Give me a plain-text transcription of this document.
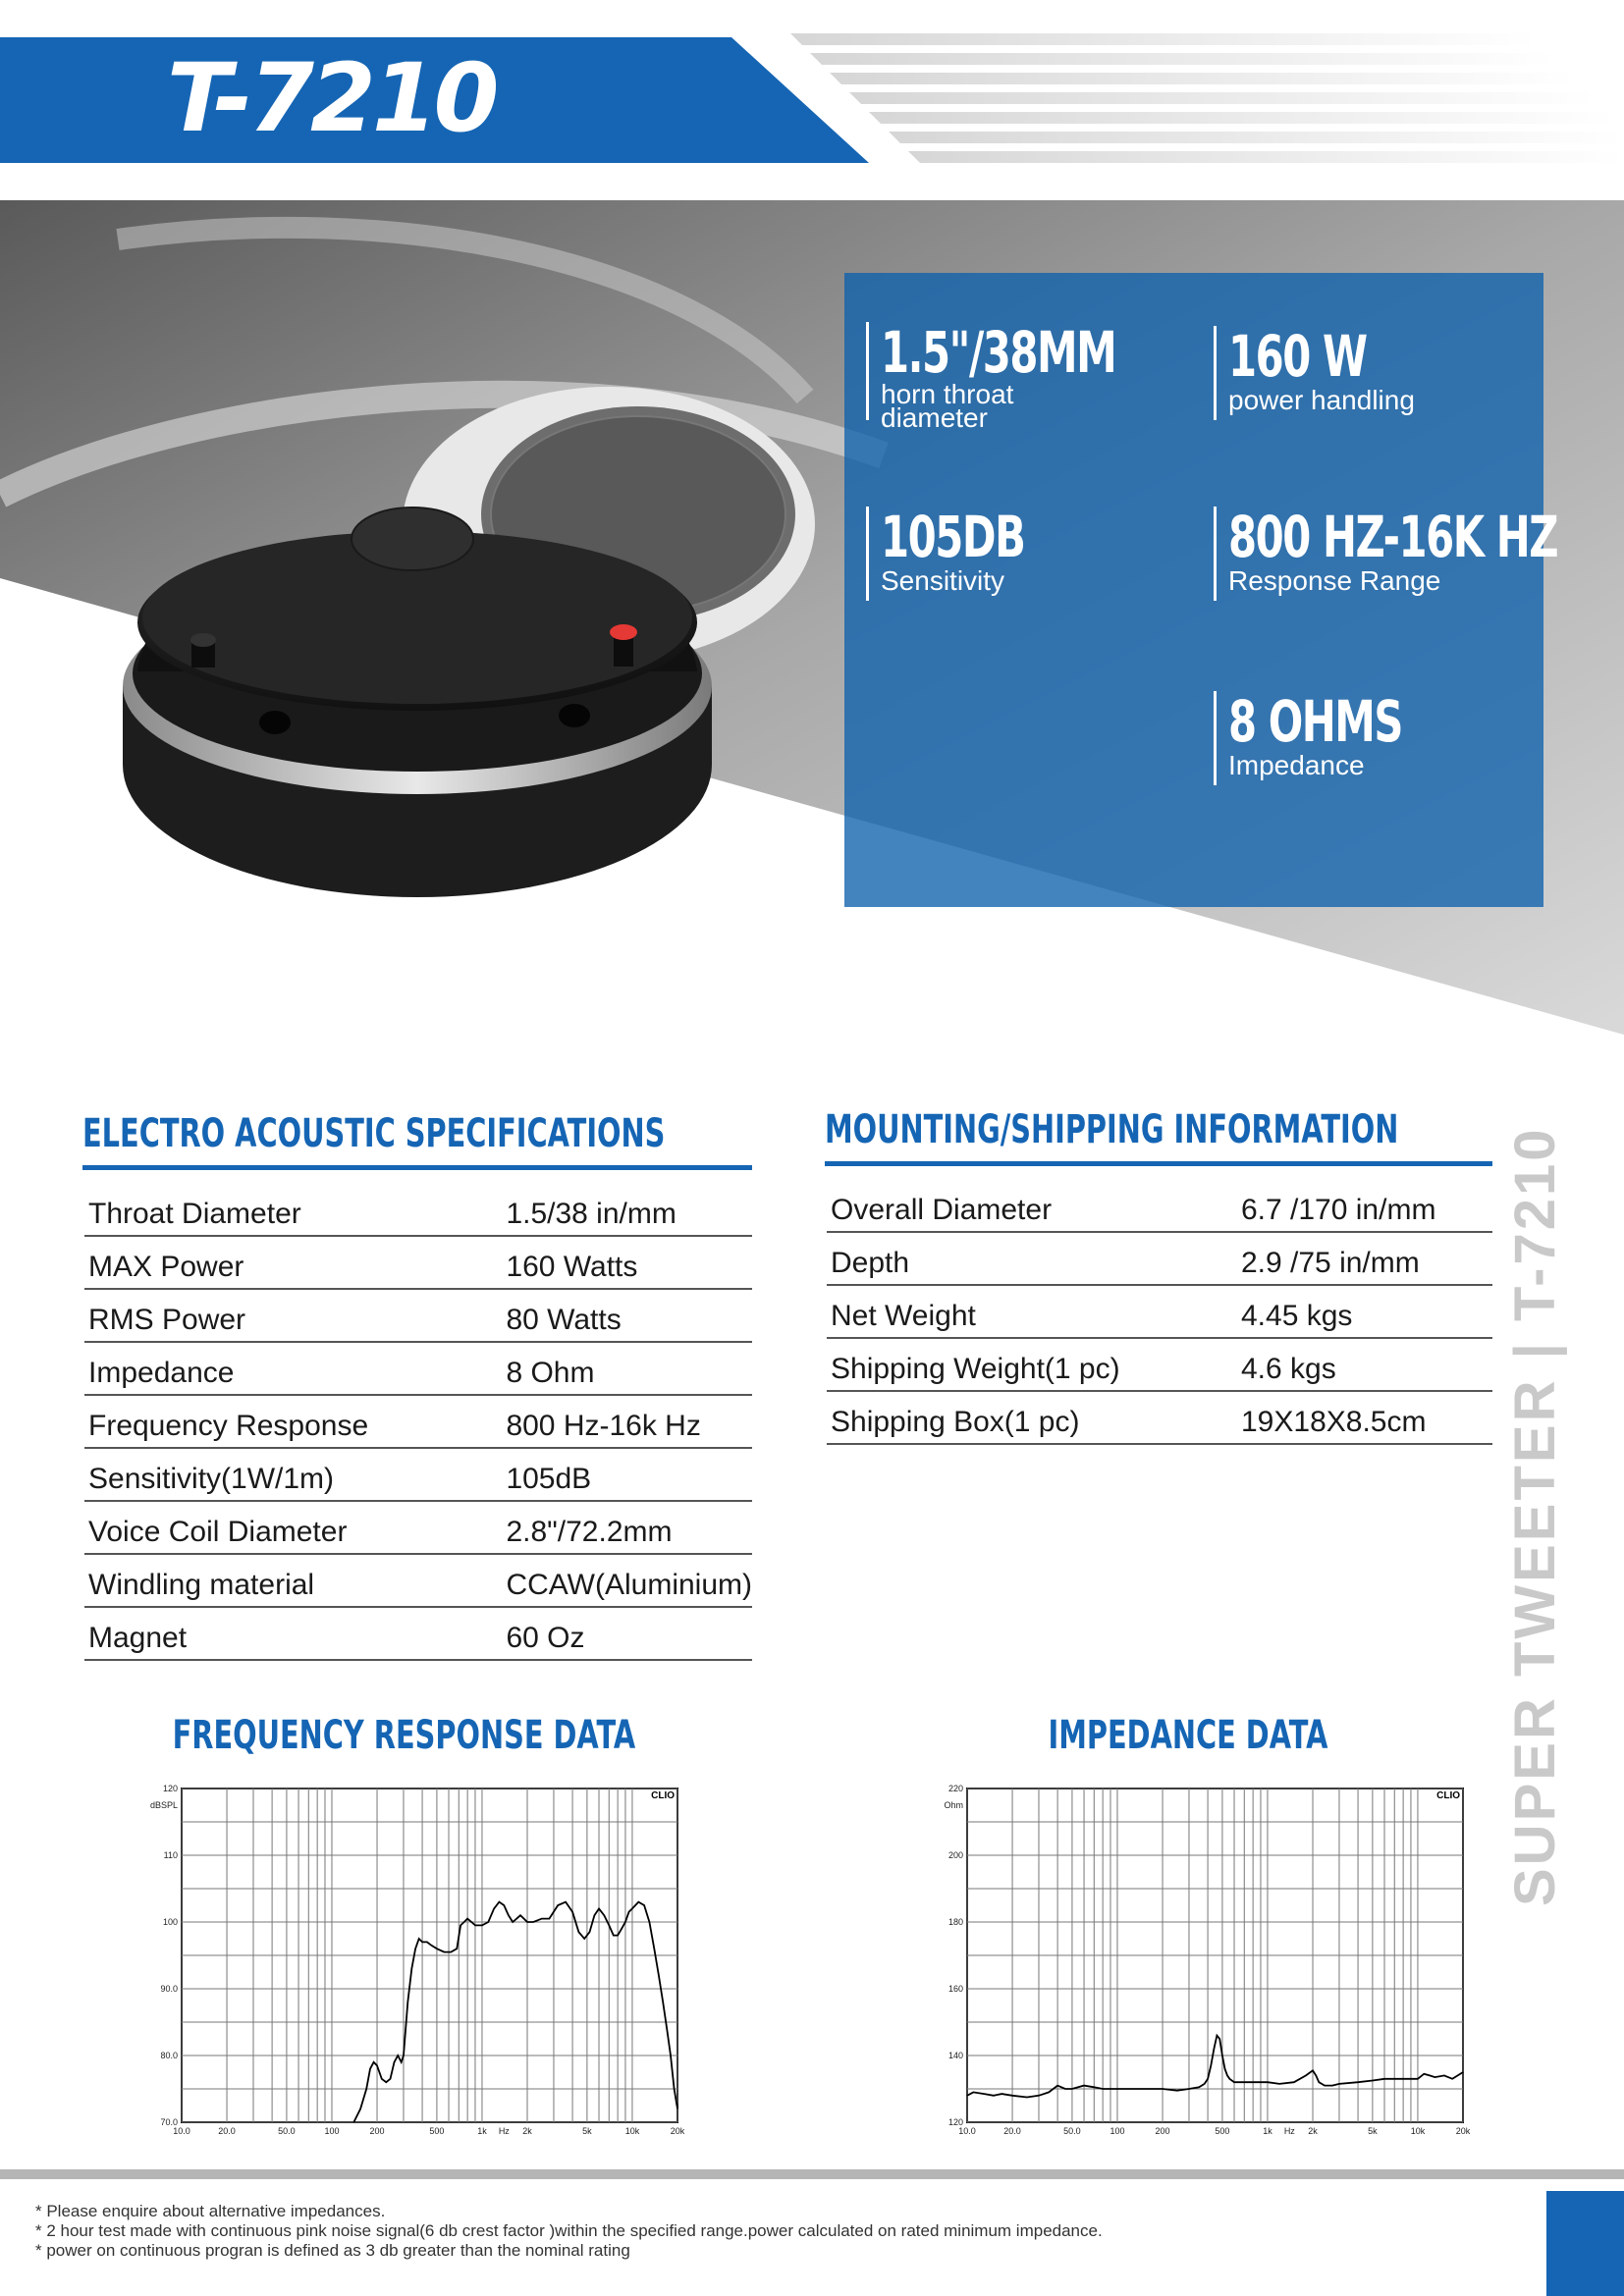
T-7210
1.5"/38MM
horn throat
diameter
160 W
power handling
105DB
Sensitivity
800 HZ-16K HZ
Response Range
8 OHMS
Impedance
ELECTRO ACOUSTIC SPECIFICATIONS
Throat Diameter	1.5/38 in/mm
MAX Power	160 Watts
RMS Power	80 Watts
Impedance	8 Ohm
Frequency Response	800 Hz-16k Hz
Sensitivity(1W/1m)	105dB
Voice Coil Diameter	2.8"/72.2mm
Windling material	CCAW(Aluminium)
Magnet	60 Oz
MOUNTING/SHIPPING INFORMATION
Overall Diameter	6.7 /170 in/mm
Depth	2.9 /75 in/mm
Net Weight	4.45 kgs
Shipping Weight(1 pc)	4.6 kgs
Shipping Box(1 pc)	19X18X8.5cm SUPER TWEETER | T-7210
FREQUENCY RESPONSE DATA	IMPEDANCE DATA
70.0
80.0
90.0
100
110
120
10.0	20.0	50.0	100	200	500	1k	2k	5k	10k	20k
dBSPL
Hz
CLIO
120
140
160
180
200
220
10.0	20.0	50.0	100	200	500	1k	2k	5k	10k	20k
Ohm
Hz
CLIO
* Please enquire about alternative impedances.
* 2 hour test made with continuous pink noise signal(6 db crest factor )within the specified range.power calculated on rated minimum impedance.
* power on continuous progran is defined as 3 db greater than the nominal rating
